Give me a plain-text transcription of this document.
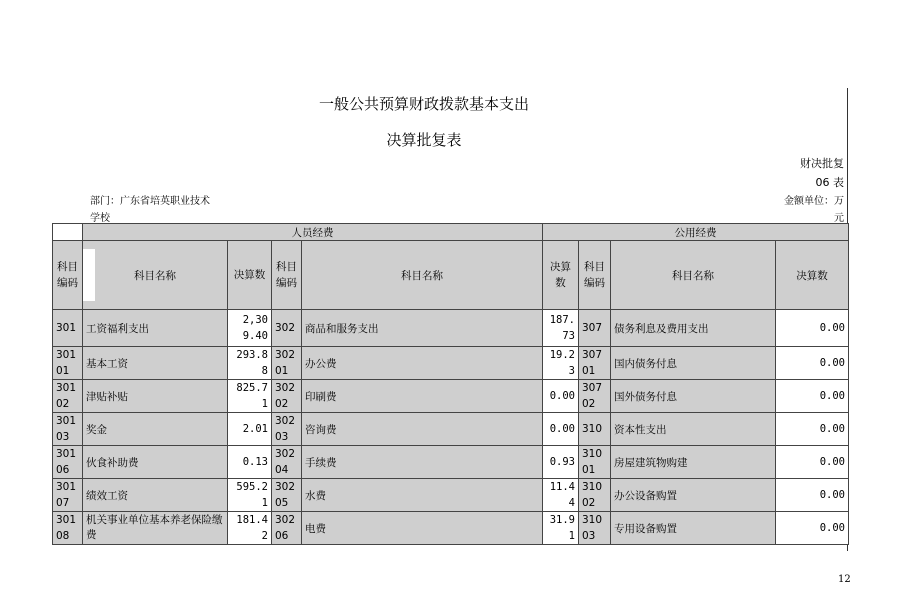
一般公共预算财政拨款基本支出
决算批复表
财决批复
06 表
金额单位：万
元
部门：广东省培英职业技术
学校
	人员经费				公用经费			
科目编码	科目名称	决算数	科目编码	科目名称	决算数	科目编码	科目名称	决算数
301	工资福利支出	2,309.40	302	商品和服务支出	187.73	307	债务利息及费用支出	0.00
30101	基本工资	293.88	30201	办公费	19.23	30701	国内债务付息	0.00
30102	津贴补贴	825.71	30202	印刷费	0.00	30702	国外债务付息	0.00
30103	奖金	2.01	30203	咨询费	0.00	310	资本性支出	0.00
30106	伙食补助费	0.13	30204	手续费	0.93	31001	房屋建筑物购建	0.00
30107	绩效工资	595.21	30205	水费	11.44	31002	办公设备购置	0.00
30108	机关事业单位基本养老保险缴费	181.42	30206	电费	31.91	31003	专用设备购置	0.00
12
